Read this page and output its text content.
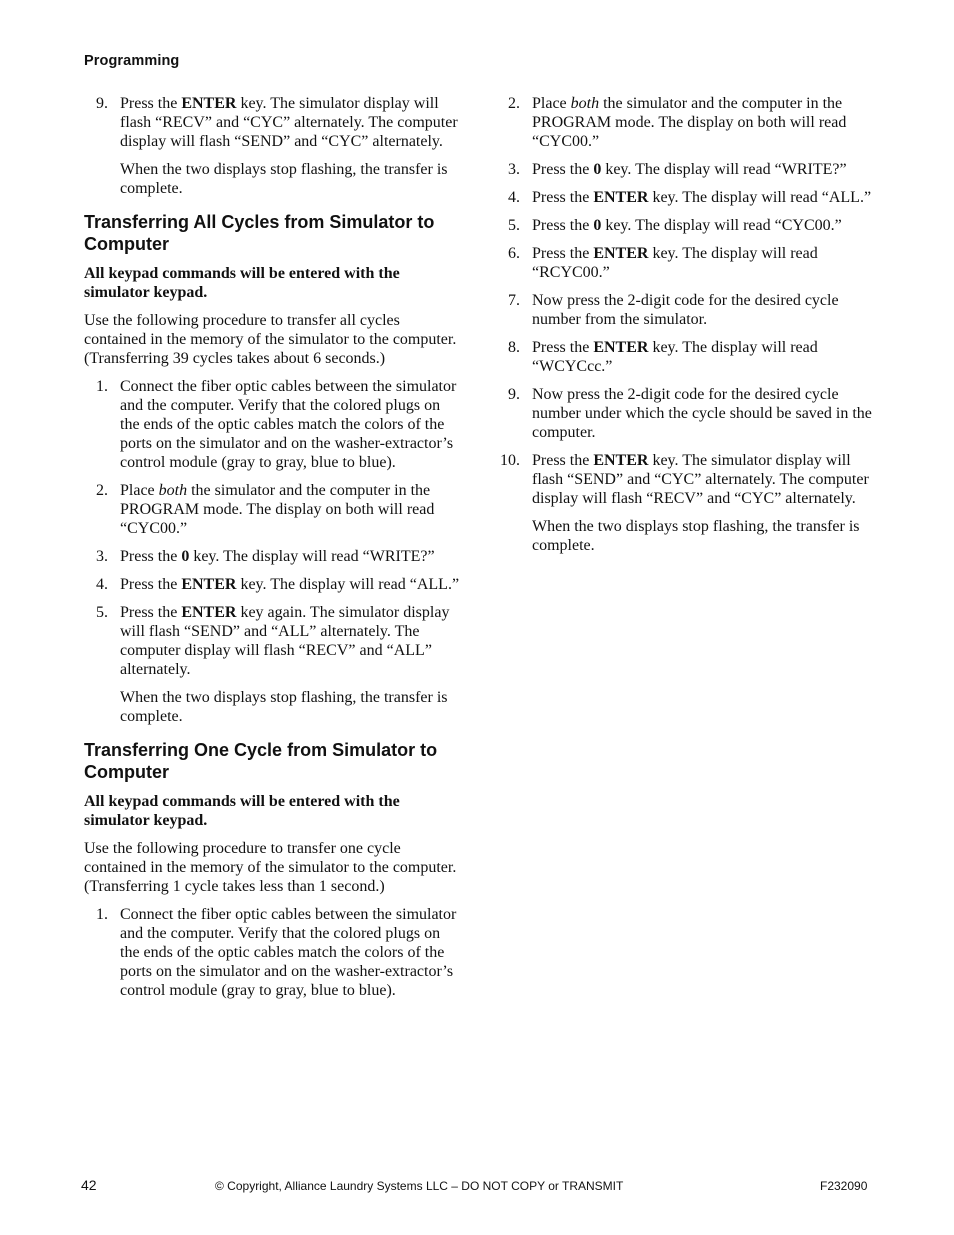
Programming
9. Press the ENTER key. The simulator display will flash “RECV” and “CYC” alternately. The computer display will flash “SEND” and “CYC” alternately.
When the two displays stop flashing, the transfer is complete.
Transferring All Cycles from Simulator to Computer
All keypad commands will be entered with the simulator keypad.
Use the following procedure to transfer all cycles contained in the memory of the simulator to the computer. (Transferring 39 cycles takes about 6 seconds.)
1. Connect the fiber optic cables between the simulator and the computer. Verify that the colored plugs on the ends of the optic cables match the colors of the ports on the simulator and on the washer-extractor’s control module (gray to gray, blue to blue).
2. Place both the simulator and the computer in the PROGRAM mode. The display on both will read “CYC00.”
3. Press the 0 key. The display will read “WRITE?”
4. Press the ENTER key. The display will read “ALL.”
5. Press the ENTER key again. The simulator display will flash “SEND” and “ALL” alternately. The computer display will flash “RECV” and “ALL” alternately.
When the two displays stop flashing, the transfer is complete.
Transferring One Cycle from Simulator to Computer
All keypad commands will be entered with the simulator keypad.
Use the following procedure to transfer one cycle contained in the memory of the simulator to the computer. (Transferring 1 cycle takes less than 1 second.)
1. Connect the fiber optic cables between the simulator and the computer. Verify that the colored plugs on the ends of the optic cables match the colors of the ports on the simulator and on the washer-extractor’s control module (gray to gray, blue to blue).
2. Place both the simulator and the computer in the PROGRAM mode. The display on both will read “CYC00.”
3. Press the 0 key. The display will read “WRITE?”
4. Press the ENTER key. The display will read “ALL.”
5. Press the 0 key. The display will read “CYC00.”
6. Press the ENTER key. The display will read “RCYC00.”
7. Now press the 2-digit code for the desired cycle number from the simulator.
8. Press the ENTER key. The display will read “WCYCcc.”
9. Now press the 2-digit code for the desired cycle number under which the cycle should be saved in the computer.
10. Press the ENTER key. The simulator display will flash “SEND” and “CYC” alternately. The computer display will flash “RECV” and “CYC” alternately.
When the two displays stop flashing, the transfer is complete.
42	© Copyright, Alliance Laundry Systems LLC – DO NOT COPY or TRANSMIT	F232090
